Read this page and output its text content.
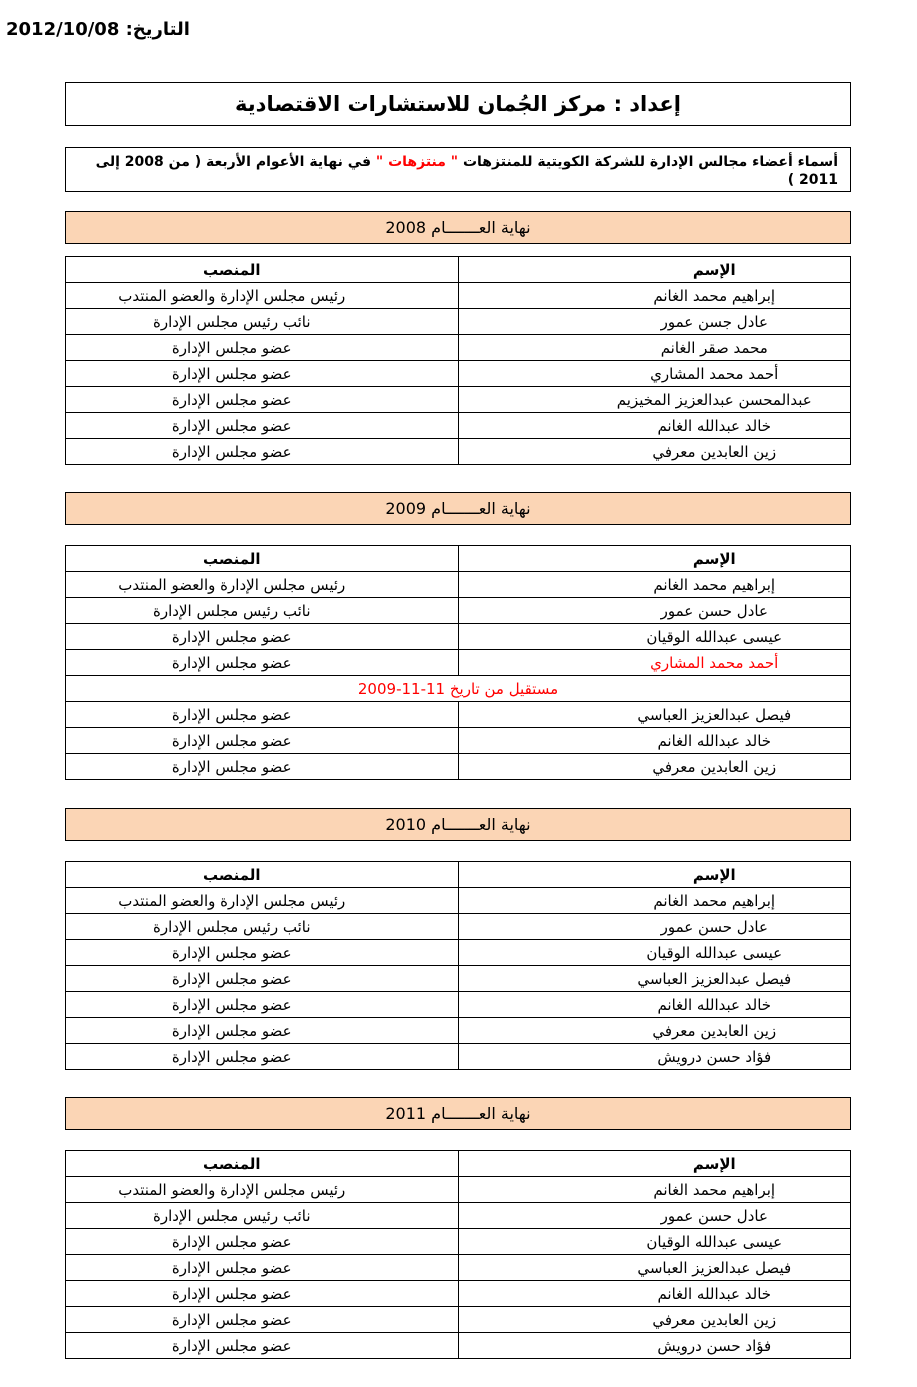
التاريخ: 2012/10/08
إعداد : مركز الجُمان للاستشارات الاقتصادية
أسماء أعضاء مجالس الإدارة للشركة الكويتية للمنتزهات " منتزهات " في نهاية الأعوام الأربعة ( من 2008 إلى 2011 )
نهاية العـــــــام 2008
الإسم	المنصب
إبراهيم محمد الغانم	رئيس مجلس الإدارة والعضو المنتدب
عادل جسن عمور	نائب رئيس مجلس الإدارة
محمد صقر الغانم	عضو مجلس الإدارة
أحمد محمد المشاري	عضو مجلس الإدارة
عبدالمحسن عبدالعزيز المخيزيم	عضو مجلس الإدارة
خالد عبدالله الغانم	عضو مجلس الإدارة
زين العابدين معرفي	عضو مجلس الإدارة
نهاية العـــــــام 2009
الإسم	المنصب
إبراهيم محمد الغانم	رئيس مجلس الإدارة والعضو المنتدب
عادل حسن عمور	نائب رئيس مجلس الإدارة
عيسى عبدالله الوقيان	عضو مجلس الإدارة
أحمد محمد المشاري	عضو مجلس الإدارة
مستقيل من تاريخ 11-11-2009	
فيصل عبدالعزيز العباسي	عضو مجلس الإدارة
خالد عبدالله الغانم	عضو مجلس الإدارة
زين العابدين معرفي	عضو مجلس الإدارة
نهاية العـــــــام 2010
الإسم	المنصب
إبراهيم محمد الغانم	رئيس مجلس الإدارة والعضو المنتدب
عادل حسن عمور	نائب رئيس مجلس الإدارة
عيسى عبدالله الوقيان	عضو مجلس الإدارة
فيصل عبدالعزيز العباسي	عضو مجلس الإدارة
خالد عبدالله الغانم	عضو مجلس الإدارة
زين العابدين معرفي	عضو مجلس الإدارة
فؤاد حسن درويش	عضو مجلس الإدارة
نهاية العـــــــام 2011
الإسم	المنصب
إبراهيم محمد الغانم	رئيس مجلس الإدارة والعضو المنتدب
عادل حسن عمور	نائب رئيس مجلس الإدارة
عيسى عبدالله الوقيان	عضو مجلس الإدارة
فيصل عبدالعزيز العباسي	عضو مجلس الإدارة
خالد عبدالله الغانم	عضو مجلس الإدارة
زين العابدين معرفي	عضو مجلس الإدارة
فؤاد حسن درويش	عضو مجلس الإدارة
